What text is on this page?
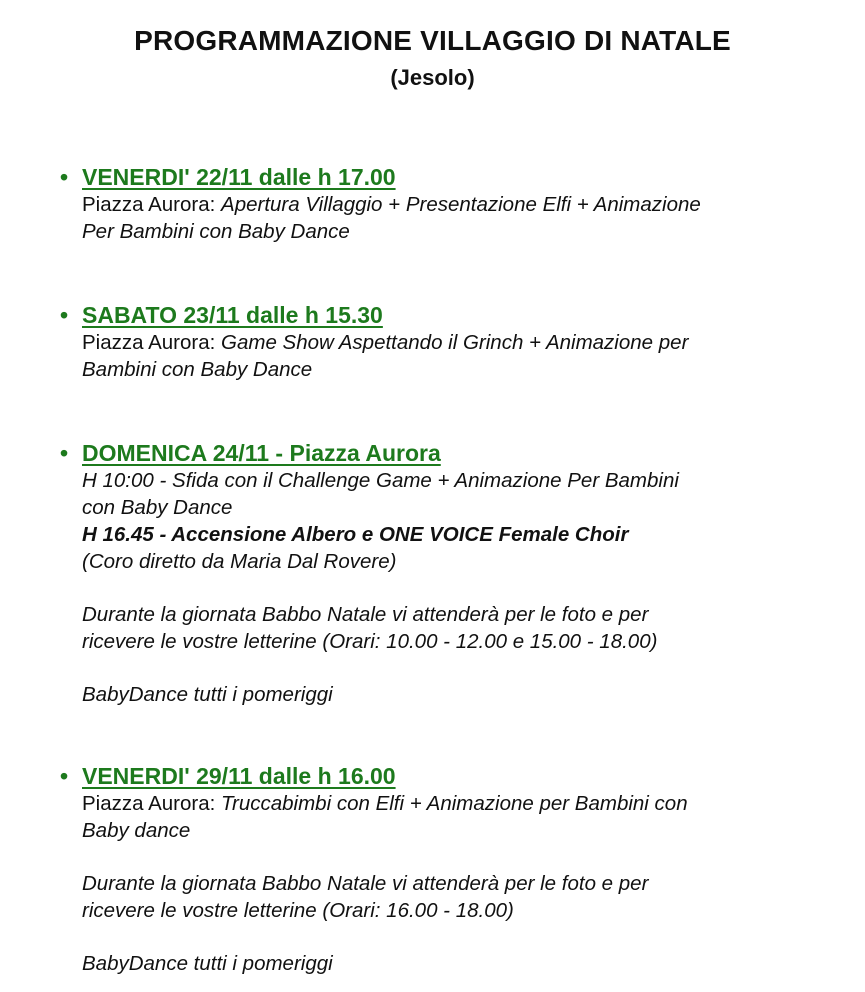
PROGRAMMAZIONE VILLAGGIO DI NATALE
(Jesolo)
• VENERDI' 22/11 dalle h 17.00
Piazza Aurora: Apertura Villaggio + Presentazione Elfi + Animazione
Per Bambini con Baby Dance
• SABATO 23/11 dalle h 15.30
Piazza Aurora: Game Show Aspettando il Grinch + Animazione per
Bambini con Baby Dance
• DOMENICA 24/11 - Piazza Aurora
H 10:00 - Sfida con il Challenge Game + Animazione Per Bambini
con Baby Dance
H 16.45 - Accensione Albero e ONE VOICE Female Choir
(Coro diretto da Maria Dal Rovere)
Durante la giornata Babbo Natale vi attenderà per le foto e per
ricevere le vostre letterine (Orari: 10.00 - 12.00 e 15.00 - 18.00)
BabyDance tutti i pomeriggi
• VENERDI' 29/11 dalle h 16.00
Piazza Aurora: Truccabimbi con Elfi + Animazione per Bambini con
Baby dance
Durante la giornata Babbo Natale vi attenderà per le foto e per
ricevere le vostre letterine (Orari: 16.00 - 18.00)
BabyDance tutti i pomeriggi
